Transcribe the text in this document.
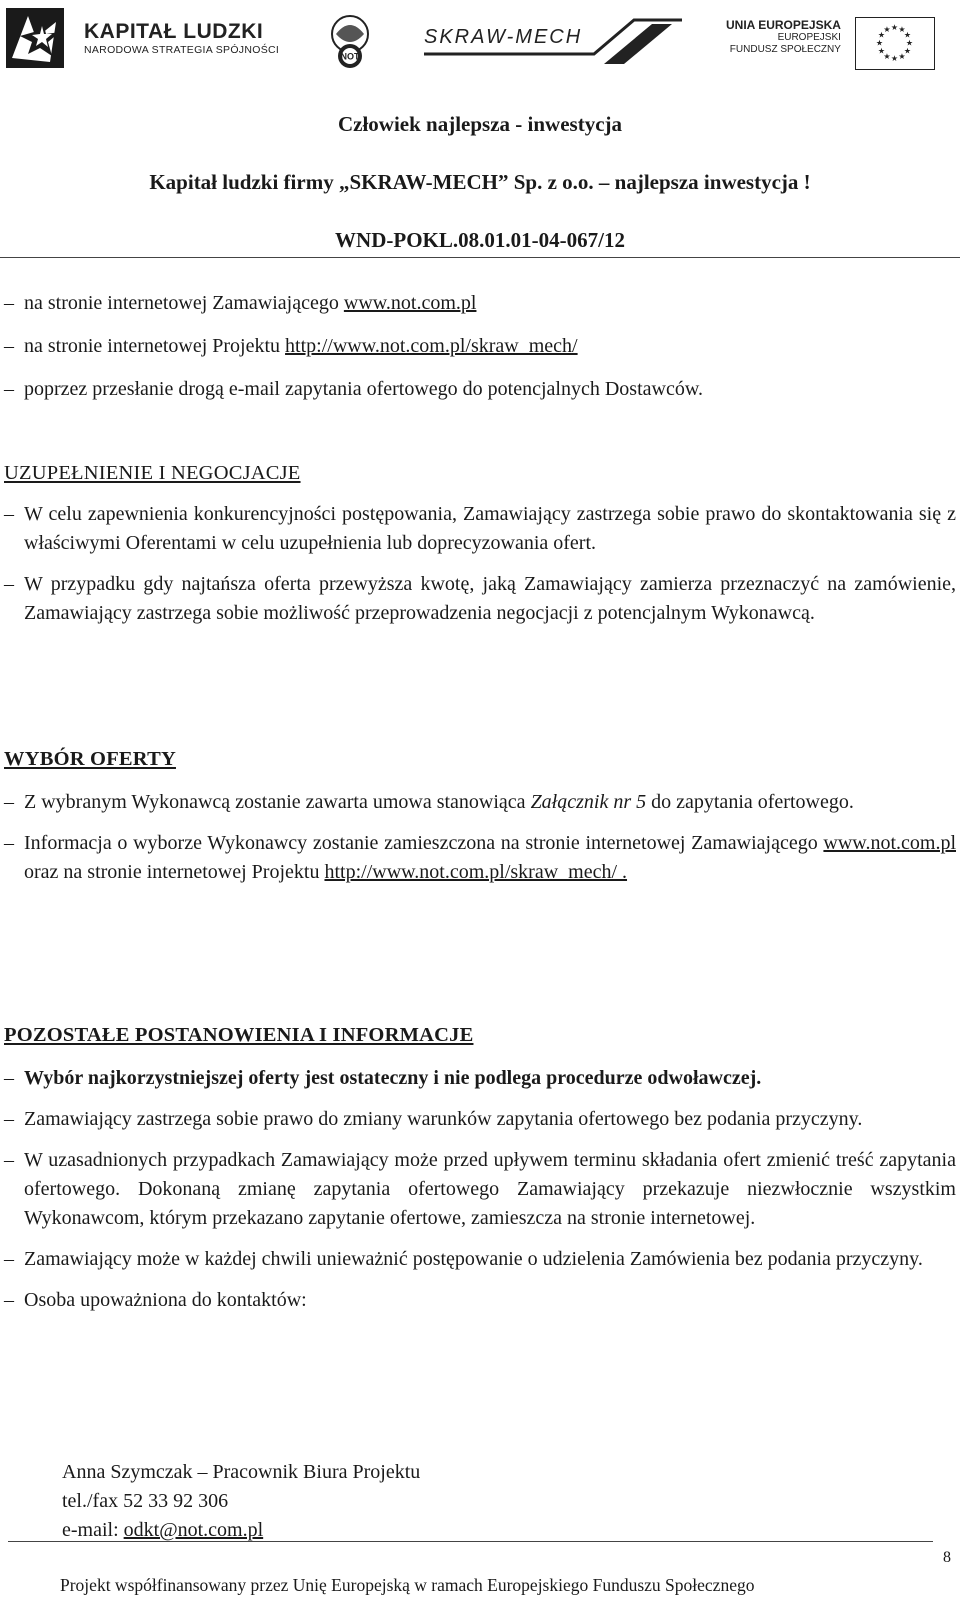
KAPITAŁ LUDZKI
NARODOWA STRATEGIA SPÓJNOŚCI
NOT
SKRAW-MECH
UNIA EUROPEJSKA
EUROPEJSKI
FUNDUSZ SPOŁECZNY
★ ★
★
★
★
★
★
★
★
★
★
★
Człowiek najlepsza - inwestycja
Kapitał ludzki firmy „SKRAW-MECH” Sp. z o.o. – najlepsza inwestycja !
WND-POKL.08.01.01-04-067/12
– na stronie internetowej Zamawiającego www.not.com.pl
– na stronie internetowej Projektu http://www.not.com.pl/skraw_mech/
– poprzez przesłanie drogą e-mail zapytania ofertowego do potencjalnych Dostawców.
UZUPEŁNIENIE I NEGOCJACJE
– W celu zapewnienia konkurencyjności postępowania, Zamawiający zastrzega sobie prawo do skontaktowania się z właściwymi Oferentami w celu uzupełnienia lub doprecyzowania ofert.
– W przypadku gdy najtańsza oferta przewyższa kwotę, jaką Zamawiający zamierza przeznaczyć na zamówienie, Zamawiający zastrzega sobie możliwość przeprowadzenia negocjacji z potencjalnym Wykonawcą.
WYBÓR OFERTY
– Z wybranym Wykonawcą zostanie zawarta umowa stanowiąca Załącznik nr 5 do zapytania ofertowego.
– Informacja o wyborze Wykonawcy zostanie zamieszczona na stronie internetowej Zamawiającego www.not.com.pl oraz na stronie internetowej Projektu http://www.not.com.pl/skraw_mech/ .
POZOSTAŁE POSTANOWIENIA I INFORMACJE
– Wybór najkorzystniejszej oferty jest ostateczny i nie podlega procedurze odwoławczej.
– Zamawiający zastrzega sobie prawo do zmiany warunków zapytania ofertowego bez podania przyczyny.
– W uzasadnionych przypadkach Zamawiający może przed upływem terminu składania ofert zmienić treść zapytania ofertowego. Dokonaną zmianę zapytania ofertowego Zamawiający przekazuje niezwłocznie wszystkim Wykonawcom, którym przekazano zapytanie ofertowe, zamieszcza na stronie internetowej.
– Zamawiający może w każdej chwili unieważnić postępowanie o udzielenia Zamówienia bez podania przyczyny.
– Osoba upoważniona do kontaktów:
Anna Szymczak – Pracownik Biura Projektu
tel./fax 52 33 92 306
e-mail: odkt@not.com.pl
8
Projekt współfinansowany przez Unię Europejską w ramach Europejskiego Funduszu Społecznego
